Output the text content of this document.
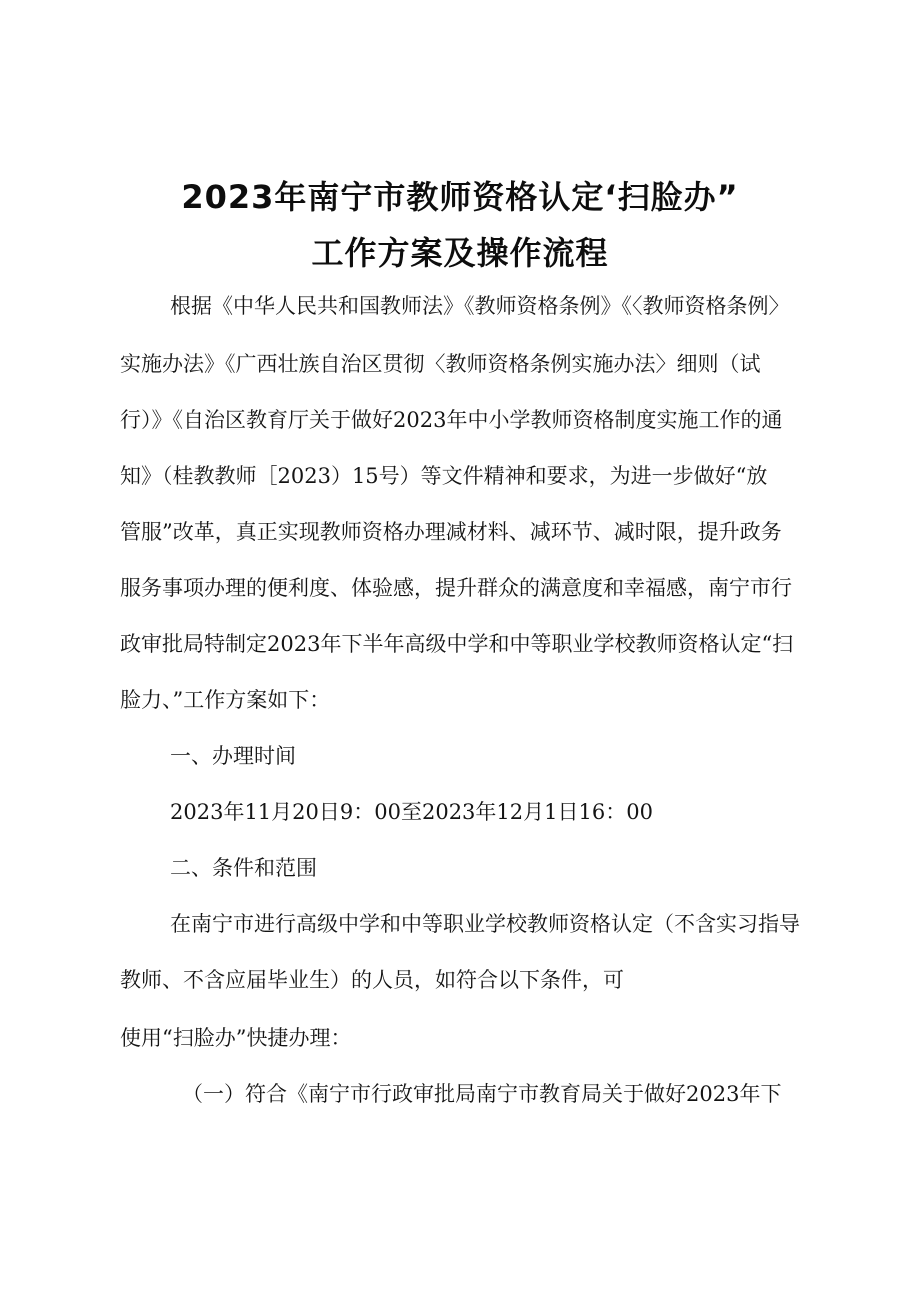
2023年南宁市教师资格认定‘扫脸办”
工作方案及操作流程
根据《中华人民共和国教师法》《教师资格条例》《〈教师资格条例〉
实施办法》《广西壮族自治区贯彻〈教师资格条例实施办法〉细则（试
行）》《自治区教育厅关于做好2023年中小学教师资格制度实施工作的通
知》（桂教教师［2023）15号）等文件精神和要求，为进一步做好“放
管服”改革，真正实现教师资格办理减材料、减环节、减时限，提升政务
服务事项办理的便利度、体验感，提升群众的满意度和幸福感，南宁市行
政审批局特制定2023年下半年高级中学和中等职业学校教师资格认定“扫
脸力、”工作方案如下：
一、办理时间
2023年11月20日9：00至2023年12月1日16：00
二、条件和范围
在南宁市进行高级中学和中等职业学校教师资格认定（不含实习指导
教师、不含应届毕业生）的人员，如符合以下条件，可
使用“扫脸办”快捷办理：
（一）符合《南宁市行政审批局南宁市教育局关于做好2023年下
